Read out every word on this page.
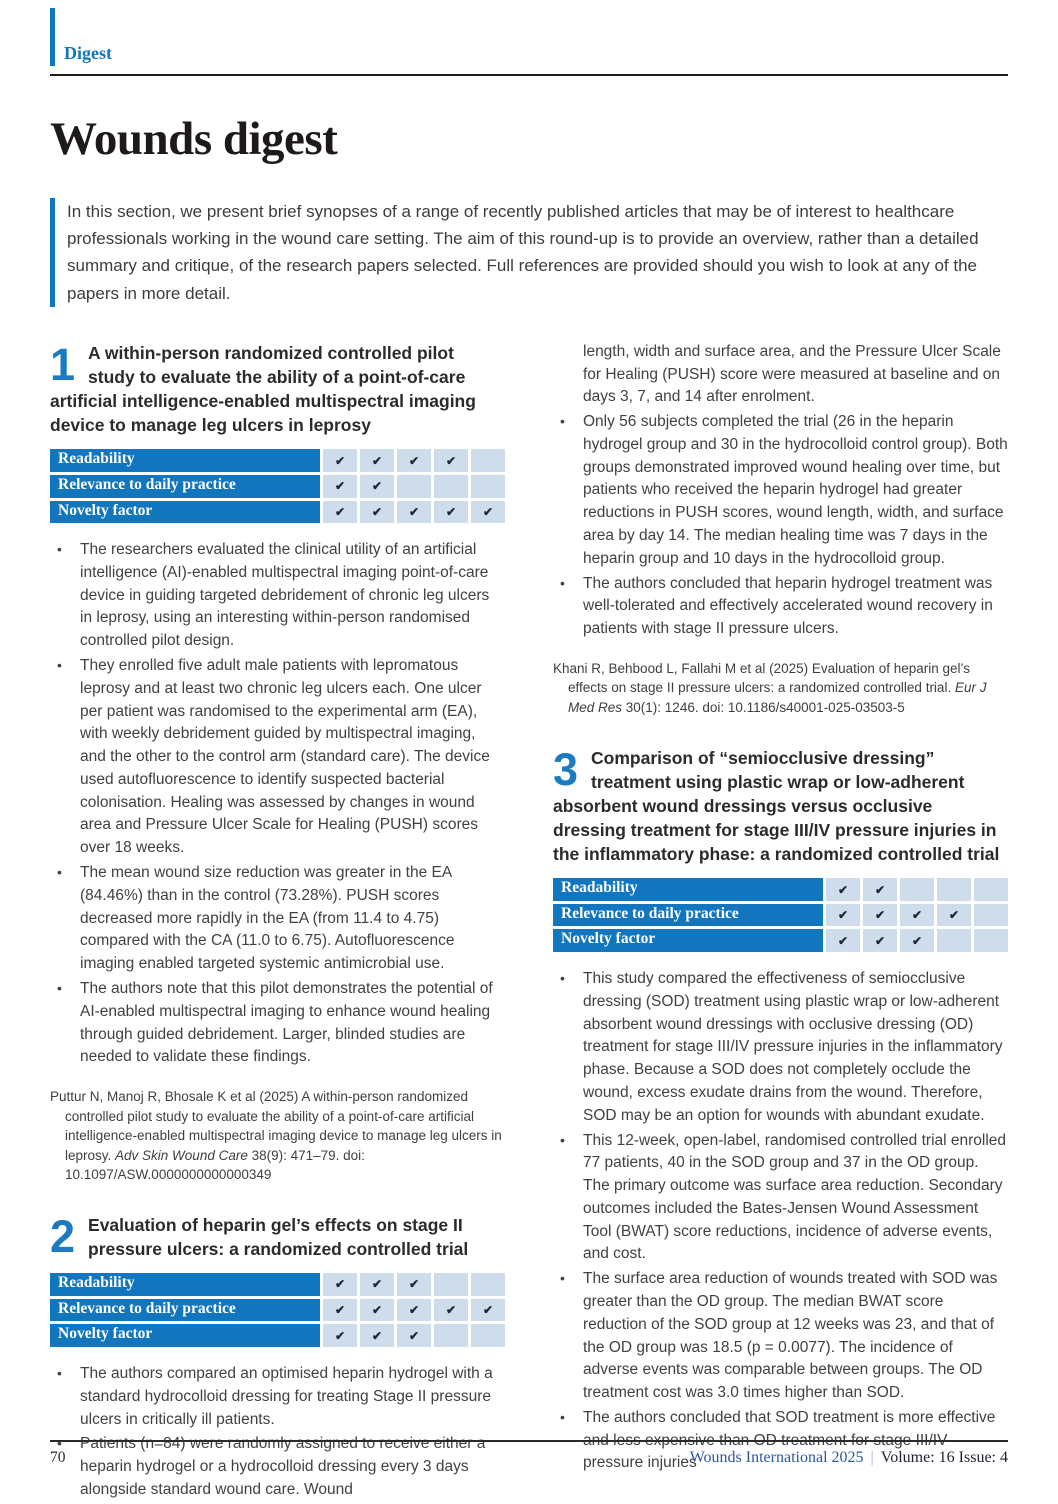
Digest
Wounds digest

In this section, we present brief synopses of a range of recently published articles that may be of interest to healthcare professionals working in the wound care setting. The aim of this round-up is to provide an overview, rather than a detailed summary and critique, of the research papers selected. Full references are provided should you wish to look at any of the papers in more detail.

1 A within-person randomized controlled pilot study to evaluate the ability of a point-of-care artificial intelligence-enabled multispectral imaging device to manage leg ulcers in leprosy
Readability	✔	✔	✔	✔
Relevance to daily practice	✔	✔
Novelty factor	✔	✔	✔	✔	✔
• The researchers evaluated the clinical utility of an artificial intelligence (AI)-enabled multispectral imaging point-of-care device in guiding targeted debridement of chronic leg ulcers in leprosy, using an interesting within-person randomised controlled pilot design.
• They enrolled five adult male patients with lepromatous leprosy and at least two chronic leg ulcers each. One ulcer per patient was randomised to the experimental arm (EA), with weekly debridement guided by multispectral imaging, and the other to the control arm (standard care). The device used autofluorescence to identify suspected bacterial colonisation. Healing was assessed by changes in wound area and Pressure Ulcer Scale for Healing (PUSH) scores over 18 weeks.
• The mean wound size reduction was greater in the EA (84.46%) than in the control (73.28%). PUSH scores decreased more rapidly in the EA (from 11.4 to 4.75) compared with the CA (11.0 to 6.75). Autofluorescence imaging enabled targeted systemic antimicrobial use.
• The authors note that this pilot demonstrates the potential of AI-enabled multispectral imaging to enhance wound healing through guided debridement. Larger, blinded studies are needed to validate these findings.

Puttur N, Manoj R, Bhosale K et al (2025) A within-person randomized controlled pilot study to evaluate the ability of a point-of-care artificial intelligence-enabled multispectral imaging device to manage leg ulcers in leprosy. Adv Skin Wound Care 38(9): 471–79. doi: 10.1097/ASW.0000000000000349

2 Evaluation of heparin gel’s effects on stage II pressure ulcers: a randomized controlled trial
Readability	✔	✔	✔
Relevance to daily practice	✔	✔	✔	✔	✔
Novelty factor	✔	✔	✔
• The authors compared an optimised heparin hydrogel with a standard hydrocolloid dressing for treating Stage II pressure ulcers in critically ill patients.
• Patients (n=84) were randomly assigned to receive either a heparin hydrogel or a hydrocolloid dressing every 3 days alongside standard wound care. Wound
length, width and surface area, and the Pressure Ulcer Scale for Healing (PUSH) score were measured at baseline and on days 3, 7, and 14 after enrolment.
• Only 56 subjects completed the trial (26 in the heparin hydrogel group and 30 in the hydrocolloid control group). Both groups demonstrated improved wound healing over time, but patients who received the heparin hydrogel had greater reductions in PUSH scores, wound length, width, and surface area by day 14. The median healing time was 7 days in the heparin group and 10 days in the hydrocolloid group.
• The authors concluded that heparin hydrogel treatment was well-tolerated and effectively accelerated wound recovery in patients with stage II pressure ulcers.

Khani R, Behbood L, Fallahi M et al (2025) Evaluation of heparin gel’s effects on stage II pressure ulcers: a randomized controlled trial. Eur J Med Res 30(1): 1246. doi: 10.1186/s40001-025-03503-5

3 Comparison of “semiocclusive dressing” treatment using plastic wrap or low-adherent absorbent wound dressings versus occlusive dressing treatment for stage III/IV pressure injuries in the inflammatory phase: a randomized controlled trial
Readability	✔	✔
Relevance to daily practice	✔	✔	✔	✔
Novelty factor	✔	✔	✔
• This study compared the effectiveness of semiocclusive dressing (SOD) treatment using plastic wrap or low-adherent absorbent wound dressings with occlusive dressing (OD) treatment for stage III/IV pressure injuries in the inflammatory phase. Because a SOD does not completely occlude the wound, excess exudate drains from the wound. Therefore, SOD may be an option for wounds with abundant exudate.
• This 12-week, open-label, randomised controlled trial enrolled 77 patients, 40 in the SOD group and 37 in the OD group. The primary outcome was surface area reduction. Secondary outcomes included the Bates-Jensen Wound Assessment Tool (BWAT) score reductions, incidence of adverse events, and cost.
• The surface area reduction of wounds treated with SOD was greater than the OD group. The median BWAT score reduction of the SOD group at 12 weeks was 23, and that of the OD group was 18.5 (p = 0.0077). The incidence of adverse events was comparable between groups. The OD treatment cost was 3.0 times higher than SOD.
• The authors concluded that SOD treatment is more effective and less expensive than OD treatment for stage III/IV pressure injuries
70	Wounds International 2025 | Volume: 16 Issue: 4
